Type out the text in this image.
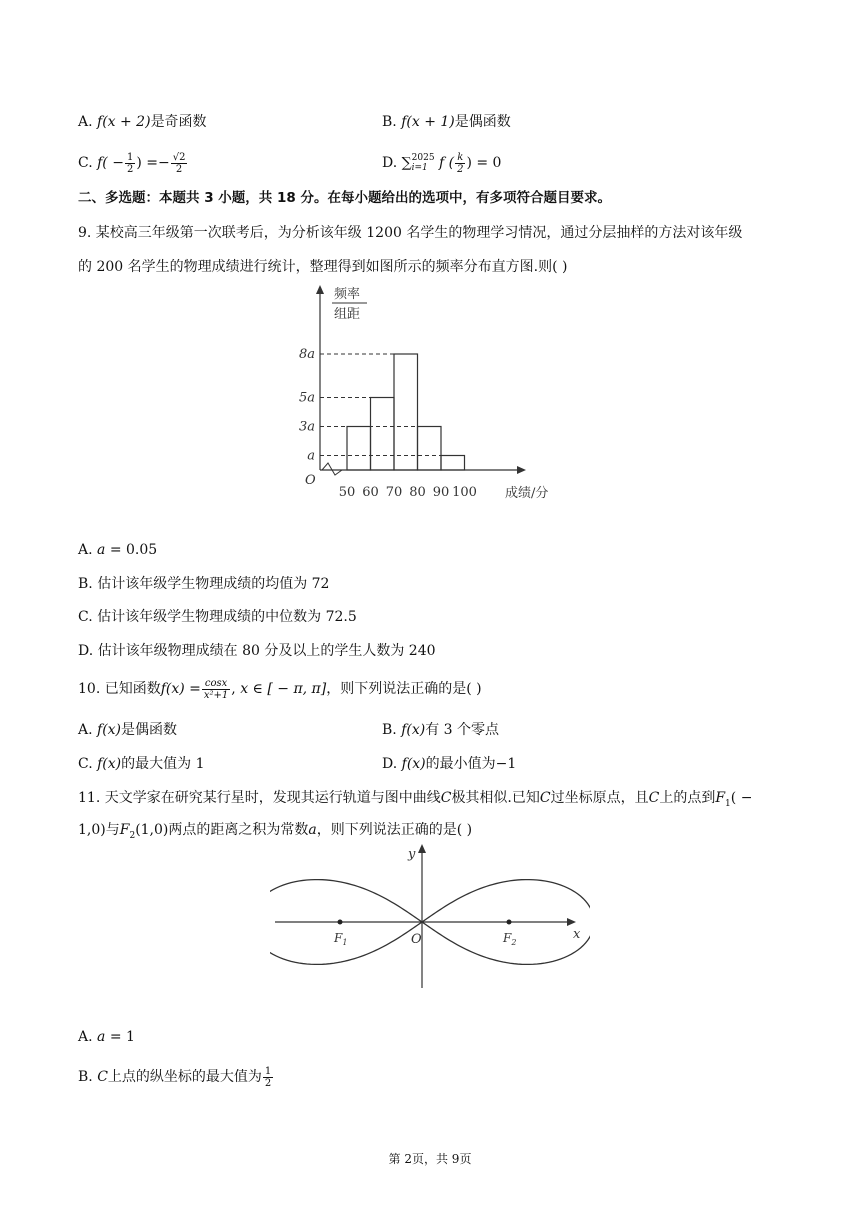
A. f(x + 2)是奇函数	B. f(x + 1)是偶函数
C. $f( - \frac{1}{2}$ ) =− $\frac{√2}{2}$	D. ∑ 2025
i=1 f ( $\frac{k}{2}$ ) = 0
二、多选题：本题共 3 小题，共 18 分。在每小题给出的选项中，有多项符合题目要求。
9. 某校高三年级第一次联考后，为分析该年级 1200 名学生的物理学习情况，通过分层抽样的方法对该年级
的 200 名学生的物理成绩进行统计，整理得到如图所示的频率分布直方图.则( )
频率
组距
成绩/分
O
a
3a
5a
8a
50 60 70 80 90 100
A. a = 0.05
B. 估计该年级学生物理成绩的均值为 72
C. 估计该年级学生物理成绩的中位数为 72.5
D. 估计该年级物理成绩在 80 分及以上的学生人数为 240
10. 已知函数$f(x) = \frac{\cos x}{\text{x²+1}}$ , x ∈ [ − π, π]，则下列说法正确的是( )
A. f(x)是偶函数	B. f(x)有 3 个零点
C. f(x)的最大值为 1	D. f(x)的最小值为−1
11. 天文学家在研究某行星时，发现其运行轨道与图中曲线C极其相似.已知C过坐标原点，且C上的点到$F_1$( −
1,0)与$F_2(1,0)$两点的距离之积为常数a，则下列说法正确的是( )
x
y
O
$F_1$	$F_2$
A. a = 1
B. C上点的纵坐标的最大值为 $\frac{1}{2}$
第 2页，共 9页
